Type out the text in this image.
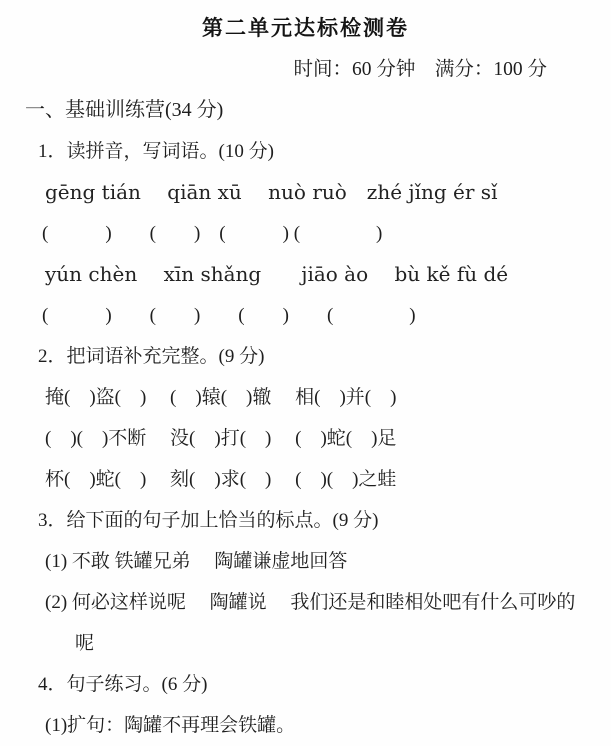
第二单元达标检测卷
时间：60 分钟　满分：100 分
一、基础训练营(34 分)
1．读拼音，写词语。(10 分)
gēng tián　 qiān xū　 nuò ruò　zhé jǐng ér sǐ
(　　　)　　(　　)　(　　　) (　　　　)
yún chèn　 xīn shǎng　　jiāo ào　 bù kě fù dé
(　　　)　　(　　)　　(　　)　　(　　　　)
2．把词语补充完整。(9 分)
掩(　)盗(　)　 (　)辕(　)辙　 相(　)并(　)
(　)(　)不断　 没(　)打(　)　 (　)蛇(　)足
杯(　)蛇(　)　 刻(　)求(　)　 (　)(　)之蛙
3．给下面的句子加上恰当的标点。(9 分)
(1) 不敢 铁罐兄弟　 陶罐谦虚地回答
(2) 何必这样说呢　 陶罐说　 我们还是和睦相处吧有什么可吵的
呢
4．句子练习。(6 分)
(1)扩句：陶罐不再理会铁罐。
